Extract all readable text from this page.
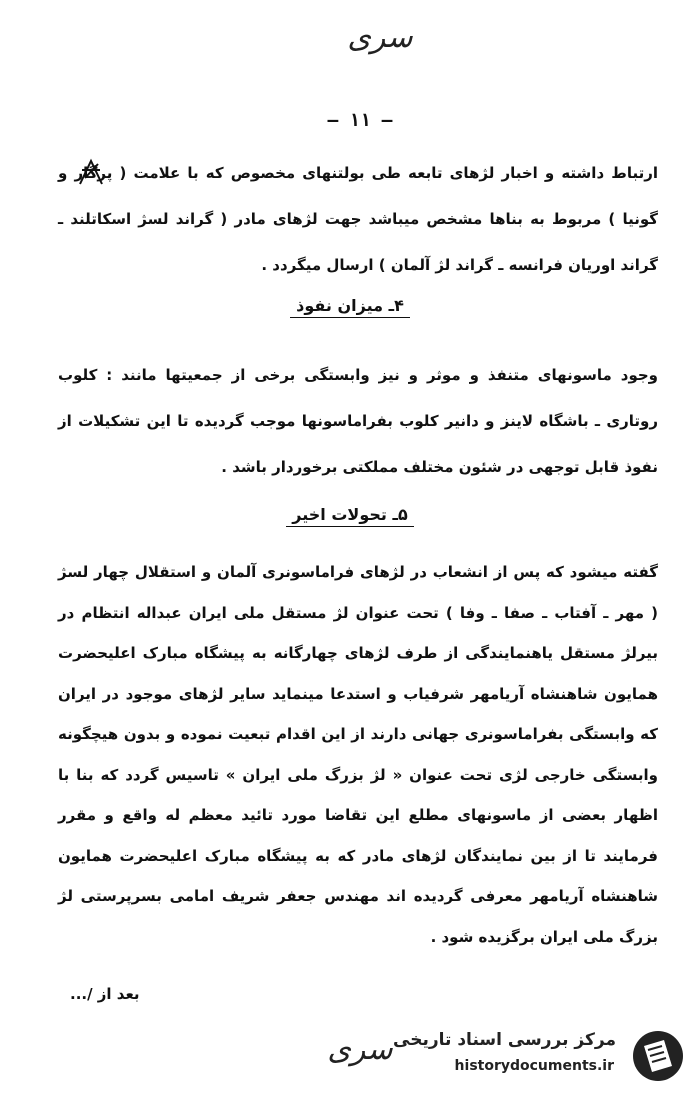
سری
— ۱۱ —
ارتباط داشته و اخبار لژهای تابعه طی بولتنهای مخصوص که با علامت ( پرگار و گونیا ) مربوط به بناها مشخص میباشد جهت لژهای مادر ( گراند لسژ اسکاتلند ـ گراند اوریان فرانسه ـ گراند لژ آلمان ) ارسال میگردد .
۴ـ میزان نفوذ
وجود ماسونهای متنفذ و موثر و نیز وابستگی برخی از جمعیتها مانند : کلوب روتاری ـ باشگاه لاینز و دانیر کلوب بفراماسونها موجب گردیده تا این تشکیلات از نفوذ قابل توجهی در شئون مختلف مملکتی برخوردار باشد .
۵ـ تحولات اخیر
گفته میشود که پس از انشعاب در لژهای فراماسونری آلمان و استقلال چهار لسژ ( مهر ـ آفتاب ـ صفا ـ وفا ) تحت عنوان لژ مستقل ملی ایران عبداله انتظام در بیرلژ مستقل یاهنمایندگی از طرف لژهای چهارگانه به پیشگاه مبارک اعلیحضرت همایون شاهنشاه آریامهر شرفیاب و استدعا مینماید سایر لژهای موجود در ایران که وابستگی بفراماسونری جهانی دارند از این اقدام تبعیت نموده و بدون هیچگونه وابستگی خارجی لژی تحت عنوان « لژ بزرگ ملی ایران » تاسیس گردد که بنا با اظهار بعضی از ماسونهای مطلع این تقاضا مورد تائید معظم له واقع و مقرر فرمایند تا از بین نمایندگان لژهای مادر که به پیشگاه مبارک اعلیحضرت همایون شاهنشاه آریامهر معرفی گردیده اند مهندس جعفر شریف امامی بسرپرستی لژ بزرگ ملی ایران برگزیده شود .
بعد از /...
سری مرکز بررسی اسناد تاریخی
historydocuments.ir
